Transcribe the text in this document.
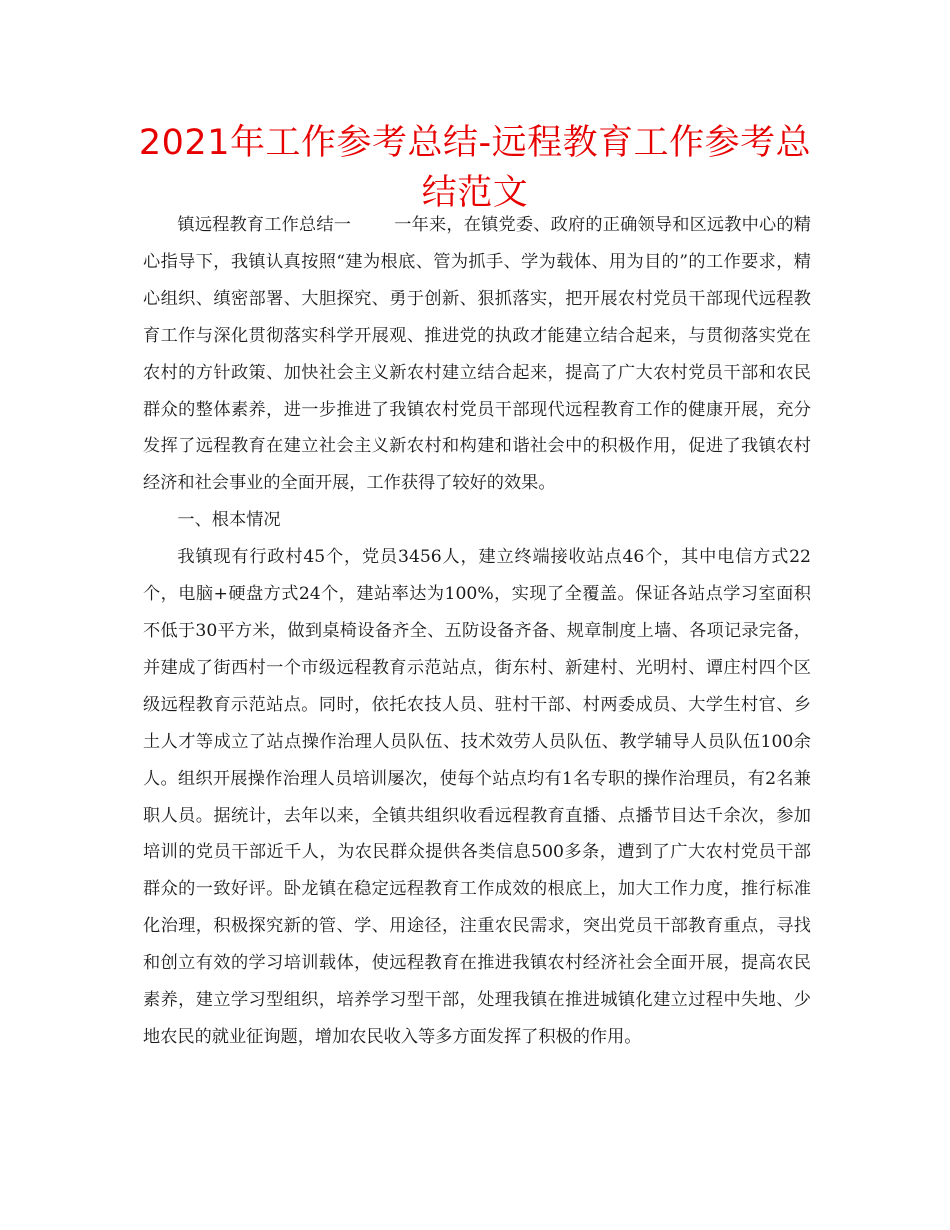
2021年工作参考总结-远程教育工作参考总结范文

镇远程教育工作总结一	一年来，在镇党委、政府的正确领导和区远教中心的精心指导下，我镇认真按照“建为根底、管为抓手、学为载体、用为目的”的工作要求，精心组织、缜密部署、大胆探究、勇于创新、狠抓落实，把开展农村党员干部现代远程教育工作与深化贯彻落实科学开展观、推进党的执政才能建立结合起来，与贯彻落实党在农村的方针政策、加快社会主义新农村建立结合起来，提高了广大农村党员干部和农民群众的整体素养，进一步推进了我镇农村党员干部现代远程教育工作的健康开展，充分发挥了远程教育在建立社会主义新农村和构建和谐社会中的积极作用，促进了我镇农村经济和社会事业的全面开展，工作获得了较好的效果。

一、根本情况

我镇现有行政村45个，党员3456人，建立终端接收站点46个，其中电信方式22个，电脑+硬盘方式24个，建站率达为100%，实现了全覆盖。保证各站点学习室面积不低于30平方米，做到桌椅设备齐全、五防设备齐备、规章制度上墙、各项记录完备，并建成了街西村一个市级远程教育示范站点，街东村、新建村、光明村、谭庄村四个区级远程教育示范站点。同时，依托农技人员、驻村干部、村两委成员、大学生村官、乡土人才等成立了站点操作治理人员队伍、技术效劳人员队伍、教学辅导人员队伍100余人。组织开展操作治理人员培训屡次，使每个站点均有1名专职的操作治理员，有2名兼职人员。据统计，去年以来，全镇共组织收看远程教育直播、点播节目达千余次，参加培训的党员干部近千人，为农民群众提供各类信息500多条，遭到了广大农村党员干部群众的一致好评。卧龙镇在稳定远程教育工作成效的根底上，加大工作力度，推行标准化治理，积极探究新的管、学、用途径，注重农民需求，突出党员干部教育重点，寻找和创立有效的学习培训载体，使远程教育在推进我镇农村经济社会全面开展，提高农民素养，建立学习型组织，培养学习型干部，处理我镇在推进城镇化建立过程中失地、少地农民的就业征询题，增加农民收入等多方面发挥了积极的作用。
